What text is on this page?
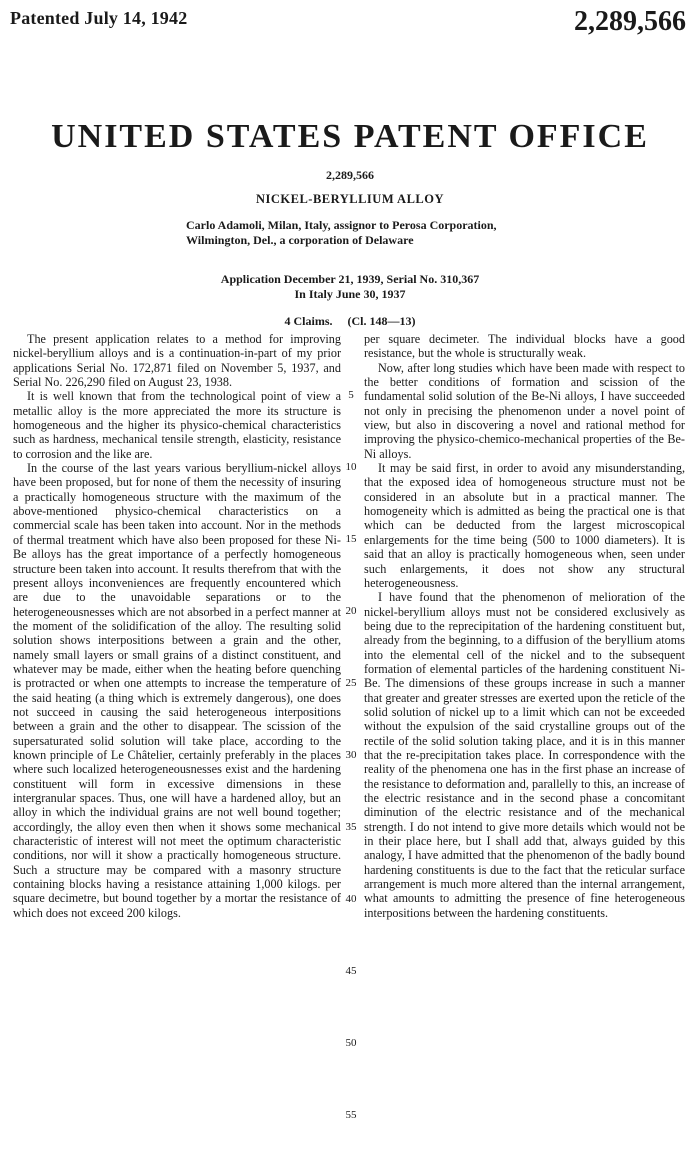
Patented July 14, 1942	2,289,566
UNITED STATES PATENT OFFICE
2,289,566
NICKEL-BERYLLIUM ALLOY
Carlo Adamoli, Milan, Italy, assignor to Perosa Corporation, Wilmington, Del., a corporation of Delaware
Application December 21, 1939, Serial No. 310,367
In Italy June 30, 1937
4 Claims. (Cl. 148—13)

The present application relates to a method for improving nickel-beryllium alloys and is a continuation-in-part of my prior applications Serial No. 172,871 filed on November 5, 1937, and Serial No. 226,290 filed on August 23, 1938.

It is well known that from the technological point of view a metallic alloy is the more appreciated the more its structure is homogeneous and the higher its physico-chemical characteristics such as hardness, mechanical tensile strength, elasticity, resistance to corrosion and the like are.

In the course of the last years various beryllium-nickel alloys have been proposed, but for none of them the necessity of insuring a practically homogeneous structure with the maximum of the above-mentioned physico-chemical characteristics on a commercial scale has been taken into account. Nor in the methods of thermal treatment which have also been proposed for these Ni-Be alloys has the great importance of a perfectly homogeneous structure been taken into account. It results therefrom that with the present alloys inconveniences are frequently encountered which are due to the unavoidable separations or to the heterogeneousnesses which are not absorbed in a perfect manner at the moment of the solidification of the alloy. The resulting solid solution shows interpositions between a grain and the other, namely small layers or small grains of a distinct constituent, and whatever may be made, either when the heating before quenching is protracted or when one attempts to increase the temperature of the said heating (a thing which is extremely dangerous), one does not succeed in causing the said heterogeneous interpositions between a grain and the other to disappear. The scission of the supersaturated solid solution will take place, according to the known principle of Le Châtelier, certainly preferably in the places where such localized heterogeneousnesses exist and the hardening constituent will form in excessive dimensions in these intergranular spaces. Thus, one will have a hardened alloy, but an alloy in which the individual grains are not well bound together; accordingly, the alloy even then when it shows some mechanical characteristic of interest will not meet the optimum characteristic conditions, nor will it show a practically homogeneous structure. Such a structure may be compared with a masonry structure containing blocks having a resistance attaining 1,000 kilogs. per square decimetre, but bound together by a mortar the resistance of which does not exceed 200 kilogs.

5
10
15
20
25
30
35
40
45
50
55

per square decimeter. The individual blocks have a good resistance, but the whole is structurally weak.

Now, after long studies which have been made with respect to the better conditions of formation and scission of the fundamental solid solution of the Be-Ni alloys, I have succeeded not only in precising the phenomenon under a novel point of view, but also in discovering a novel and rational method for improving the physico-chemico-mechanical properties of the Be-Ni alloys.

It may be said first, in order to avoid any misunderstanding, that the exposed idea of homogeneous structure must not be considered in an absolute but in a practical manner. The homogeneity which is admitted as being the practical one is that which can be deducted from the largest microscopical enlargements for the time being (500 to 1000 diameters). It is said that an alloy is practically homogeneous when, seen under such enlargements, it does not show any structural heterogeneousness.

I have found that the phenomenon of melioration of the nickel-beryllium alloys must not be considered exclusively as being due to the reprecipitation of the hardening constituent but, already from the beginning, to a diffusion of the beryllium atoms into the elemental cell of the nickel and to the subsequent formation of elemental particles of the hardening constituent Ni-Be. The dimensions of these groups increase in such a manner that greater and greater stresses are exerted upon the reticle of the solid solution of nickel up to a limit which can not be exceeded without the expulsion of the said crystalline groups out of the rectile of the solid solution taking place, and it is in this manner that the re-precipitation takes place. In correspondence with the reality of the phenomena one has in the first phase an increase of the resistance to deformation and, parallelly to this, an increase of the electric resistance and in the second phase a concomitant diminution of the electric resistance and of the mechanical strength. I do not intend to give more details which would not be in their place here, but I shall add that, always guided by this analogy, I have admitted that the phenomenon of the badly bound hardening constituents is due to the fact that the reticular surface arrangement is much more altered than the internal arrangement, what amounts to admitting the presence of fine heterogeneous interpositions between the hardening constituents.
